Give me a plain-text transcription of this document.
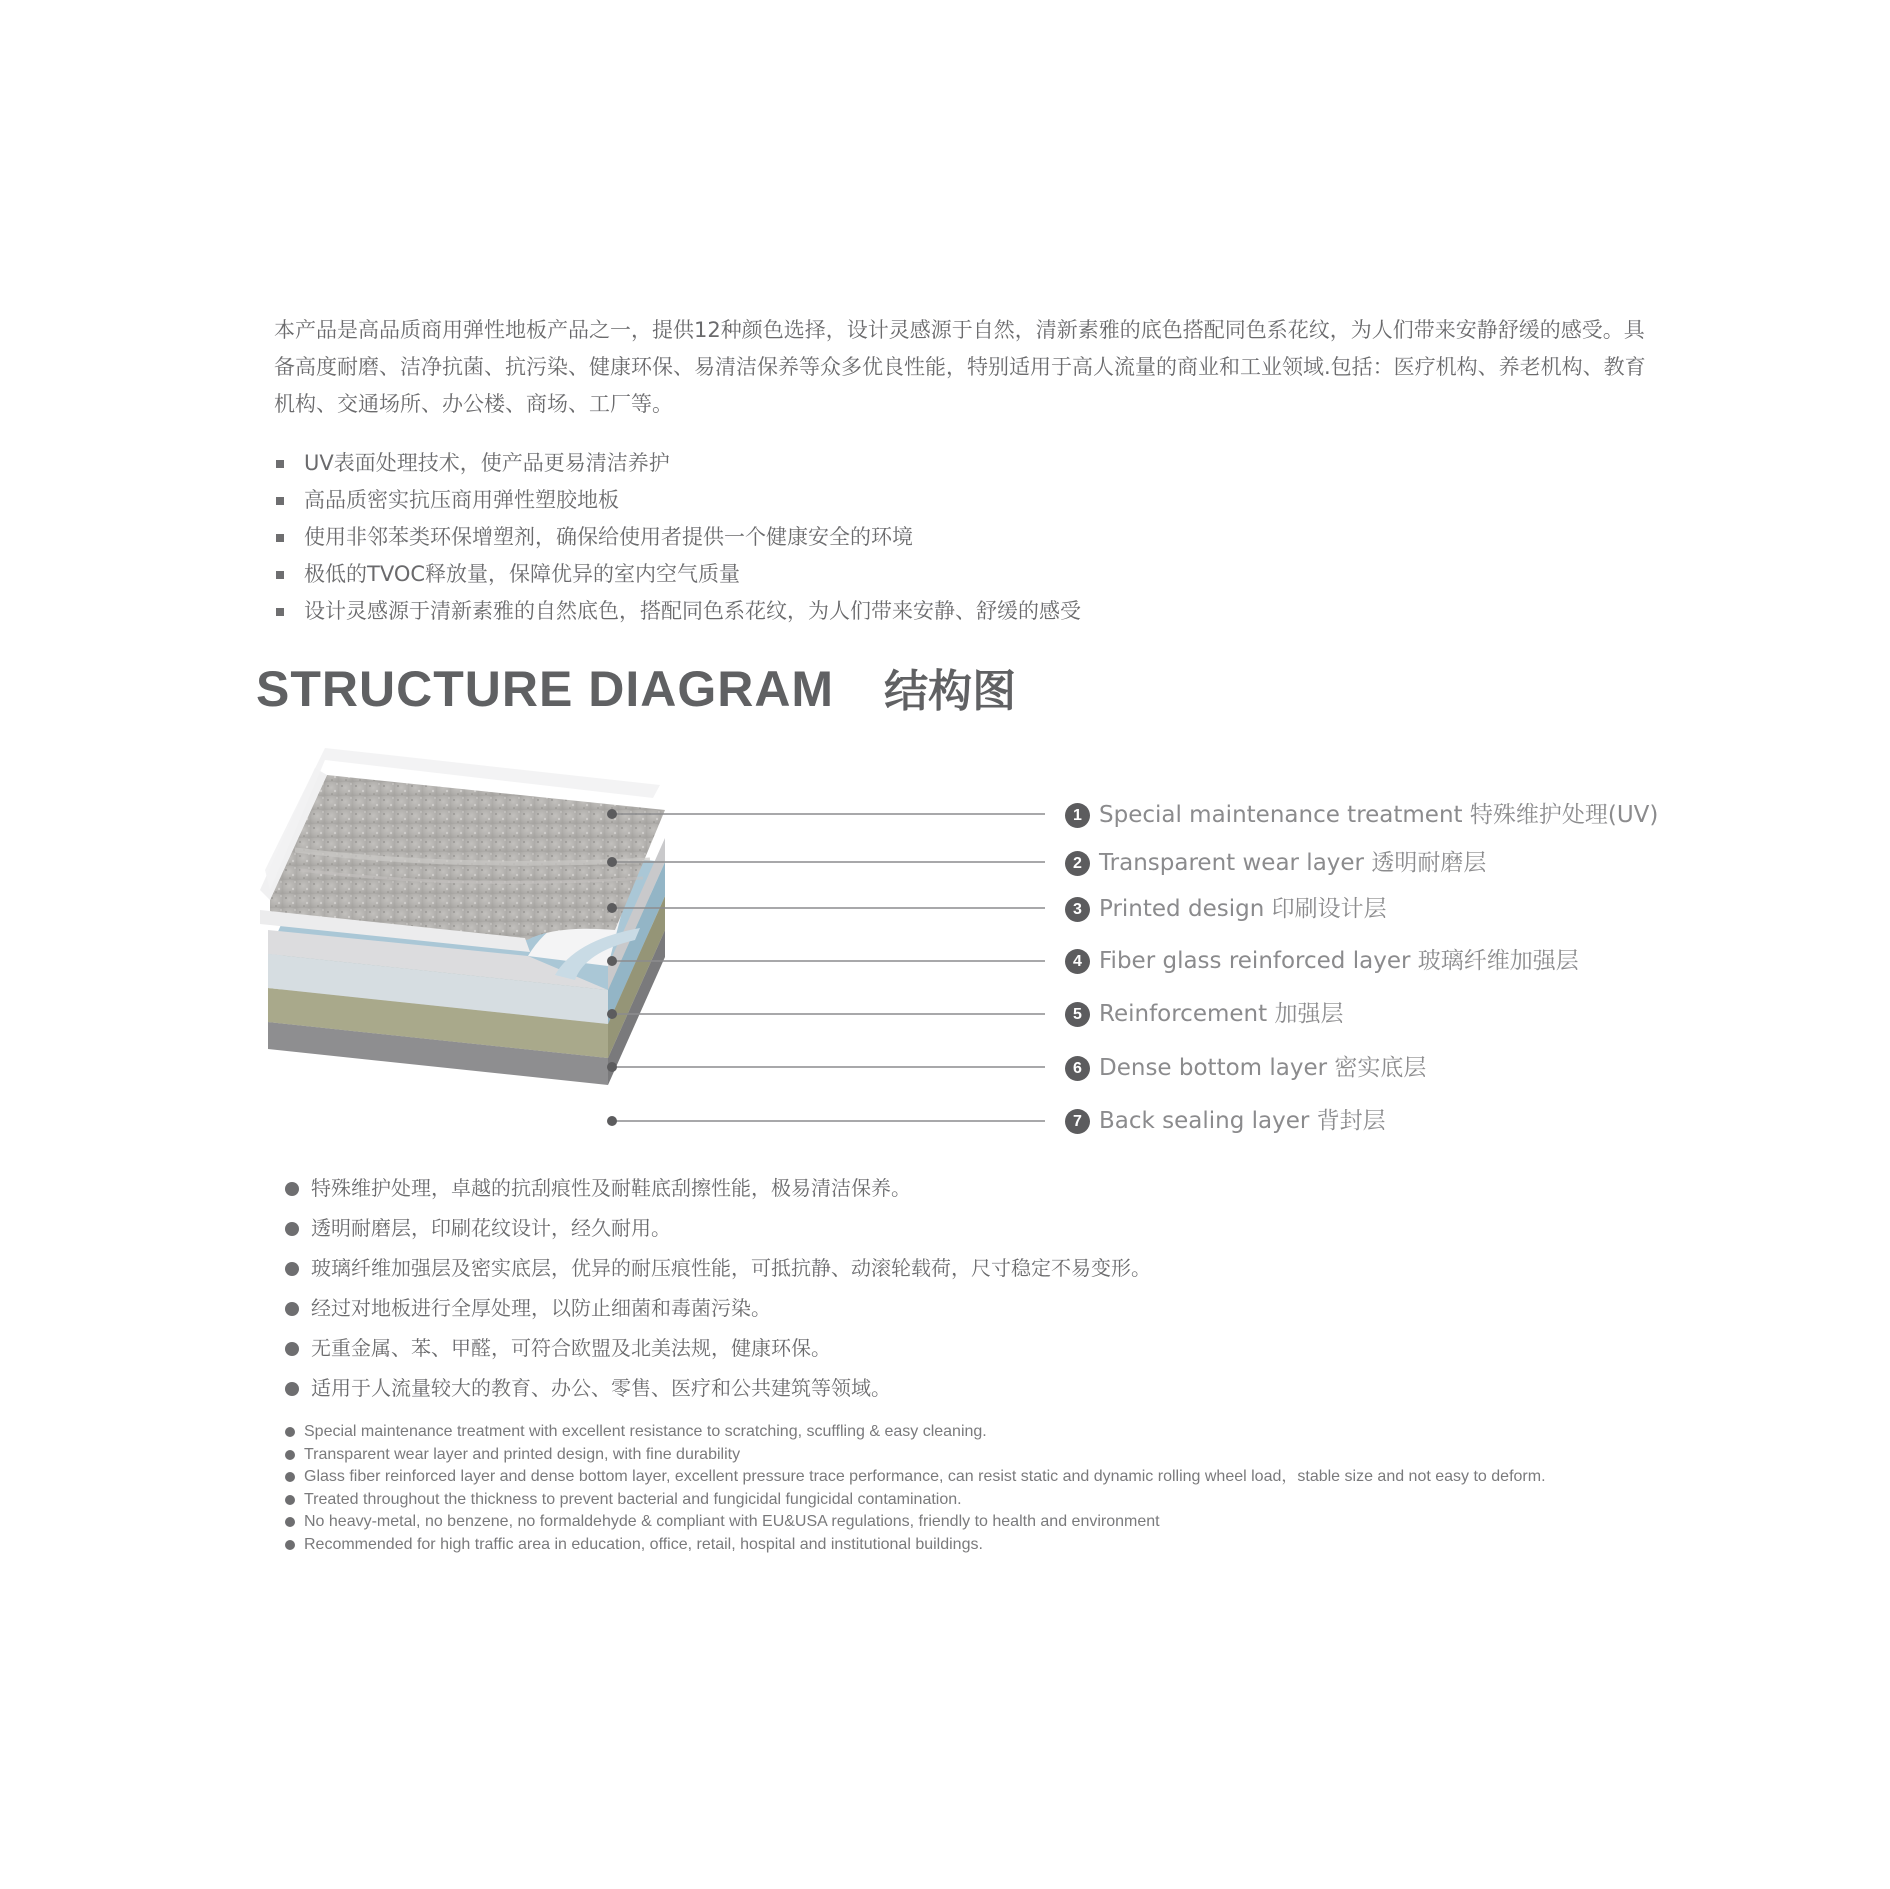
本产品是高品质商用弹性地板产品之一，提供12种颜色选择，设计灵感源于自然，清新素雅的底色搭配同色系花纹，为人们带来安静舒缓的感受。具备高度耐磨、洁净抗菌、抗污染、健康环保、易清洁保养等众多优良性能，特别适用于高人流量的商业和工业领域.包括：医疗机构、养老机构、教育机构、交通场所、办公楼、商场、工厂等。

UV表面处理技术，使产品更易清洁养护
高品质密实抗压商用弹性塑胶地板
使用非邻苯类环保增塑剂，确保给使用者提供一个健康安全的环境
极低的TVOC释放量，保障优异的室内空气质量
设计灵感源于清新素雅的自然底色，搭配同色系花纹，为人们带来安静、舒缓的感受
STRUCTURE DIAGRAM 结构图
1 Special maintenance treatment 特殊维护处理(UV)
2 Transparent wear layer 透明耐磨层
3 Printed design 印刷设计层
4 Fiber glass reinforced layer 玻璃纤维加强层
5 Reinforcement 加强层
6 Dense bottom layer 密实底层
7 Back sealing layer 背封层
特殊维护处理，卓越的抗刮痕性及耐鞋底刮擦性能，极易清洁保养。
透明耐磨层，印刷花纹设计，经久耐用。
玻璃纤维加强层及密实底层，优异的耐压痕性能，可抵抗静、动滚轮载荷，尺寸稳定不易变形。
经过对地板进行全厚处理，以防止细菌和毒菌污染。
无重金属、苯、甲醛，可符合欧盟及北美法规，健康环保。
适用于人流量较大的教育、办公、零售、医疗和公共建筑等领域。
Special maintenance treatment with excellent resistance to scratching, scuffling & easy cleaning.
Transparent wear layer and printed design, with fine durability
Glass fiber reinforced layer and dense bottom layer, excellent pressure trace performance, can resist static and dynamic rolling wheel load，stable size and not easy to deform.
Treated throughout the thickness to prevent bacterial and fungicidal fungicidal contamination.
No heavy-metal, no benzene, no formaldehyde & compliant with EU&USA regulations, friendly to health and environment
Recommended for high traffic area in education, office, retail, hospital and institutional buildings.
